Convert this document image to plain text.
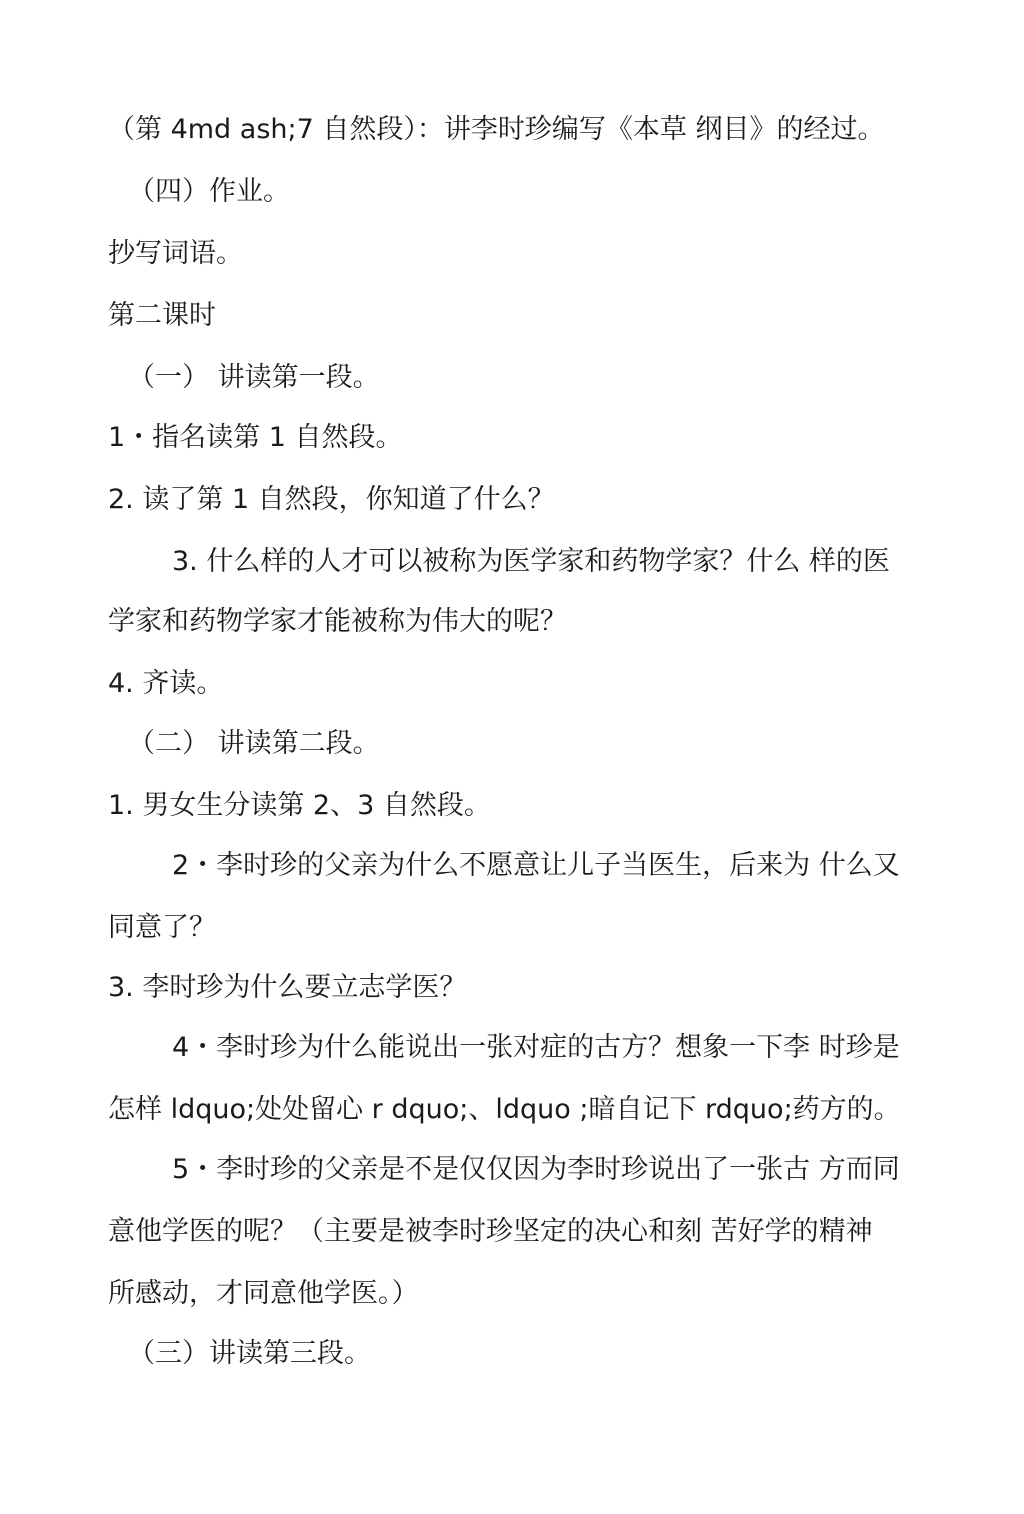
（第 4md ash;7 自然段）：讲李时珍编写《本草 纲目》的经过。
（四）作业。
抄写词语。
第二课时
（一） 讲读第一段。
1・指名读第 1 自然段。
2. 读了第 1 自然段，你知道了什么？
3. 什么样的人才可以被称为医学家和药物学家？什么 样的医
学家和药物学家才能被称为伟大的呢？
4. 齐读。
（二） 讲读第二段。
1. 男女生分读第 2、3 自然段。
2・李时珍的父亲为什么不愿意让儿子当医生，后来为 什么又
同意了？
3. 李时珍为什么要立志学医？
4・李时珍为什么能说出一张对症的古方？想象一下李 时珍是
怎样 ldquo;处处留心 r dquo;、ldquo ;暗自记下 rdquo;药方的。
5・李时珍的父亲是不是仅仅因为李时珍说出了一张古 方而同
意他学医的呢？（主要是被李时珍坚定的决心和刻 苦好学的精神
所感动，才同意他学医。）
（三）讲读第三段。
